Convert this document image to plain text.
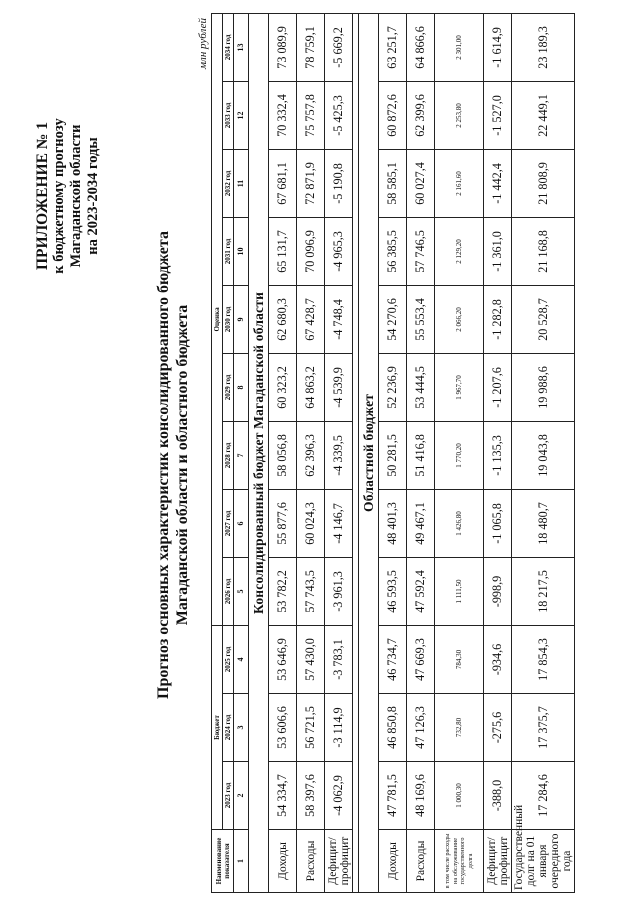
ПРИЛОЖЕНИЕ № 1 к бюджетному прогнозу Магаданской области на 2023-2034 годы
Прогноз основных характеристик консолидированного бюджета Магаданской области и областного бюджета
млн рублей
Наименование показателя	Бюджет			Оценка								
	2023 год	2024 год	2025 год	2026 год	2027 год	2028 год	2029 год	2030 год	2031 год	2032 год	2033 год	2034 год
1	2	3	4	5	6	7	8	9	10	11	12	13
Консолидированный бюджет Магаданской области												
Доходы	54 334,7	53 606,6	53 646,9	53 782,2	55 877,6	58 056,8	60 323,2	62 680,3	65 131,7	67 681,1	70 332,4	73 089,9
Расходы	58 397,6	56 721,5	57 430,0	57 743,5	60 024,3	62 396,3	64 863,2	67 428,7	70 096,9	72 871,9	75 757,8	78 759,1
Дефицит/ профицит	-4 062,9	-3 114,9	-3 783,1	-3 961,3	-4 146,7	-4 339,5	-4 539,9	-4 748,4	-4 965,3	-5 190,8	-5 425,3	-5 669,2

Областной бюджет												
Доходы	47 781,5	46 850,8	46 734,7	46 593,5	48 401,3	50 281,5	52 236,9	54 270,6	56 385,5	58 585,1	60 872,6	63 251,7
Расходы	48 169,6	47 126,3	47 669,3	47 592,4	49 467,1	51 416,8	53 444,5	55 553,4	57 746,5	60 027,4	62 399,6	64 866,6
в том числе расходы на обслуживание государственного долга	1 000,30	732,80	784,30	1 111,50	1 426,80	1 770,20	1 967,70	2 066,20	2 129,20	2 161,60	2 253,80	2 301,00
Дефицит/ профицит	-388,0	-275,6	-934,6	-998,9	-1 065,8	-1 135,3	-1 207,6	-1 282,8	-1 361,0	-1 442,4	-1 527,0	-1 614,9
Государственный долг на 01 января очередного года	17 284,6	17 375,7	17 854,3	18 217,5	18 480,7	19 043,8	19 988,6	20 528,7	21 168,8	21 808,9	22 449,1	23 189,3
